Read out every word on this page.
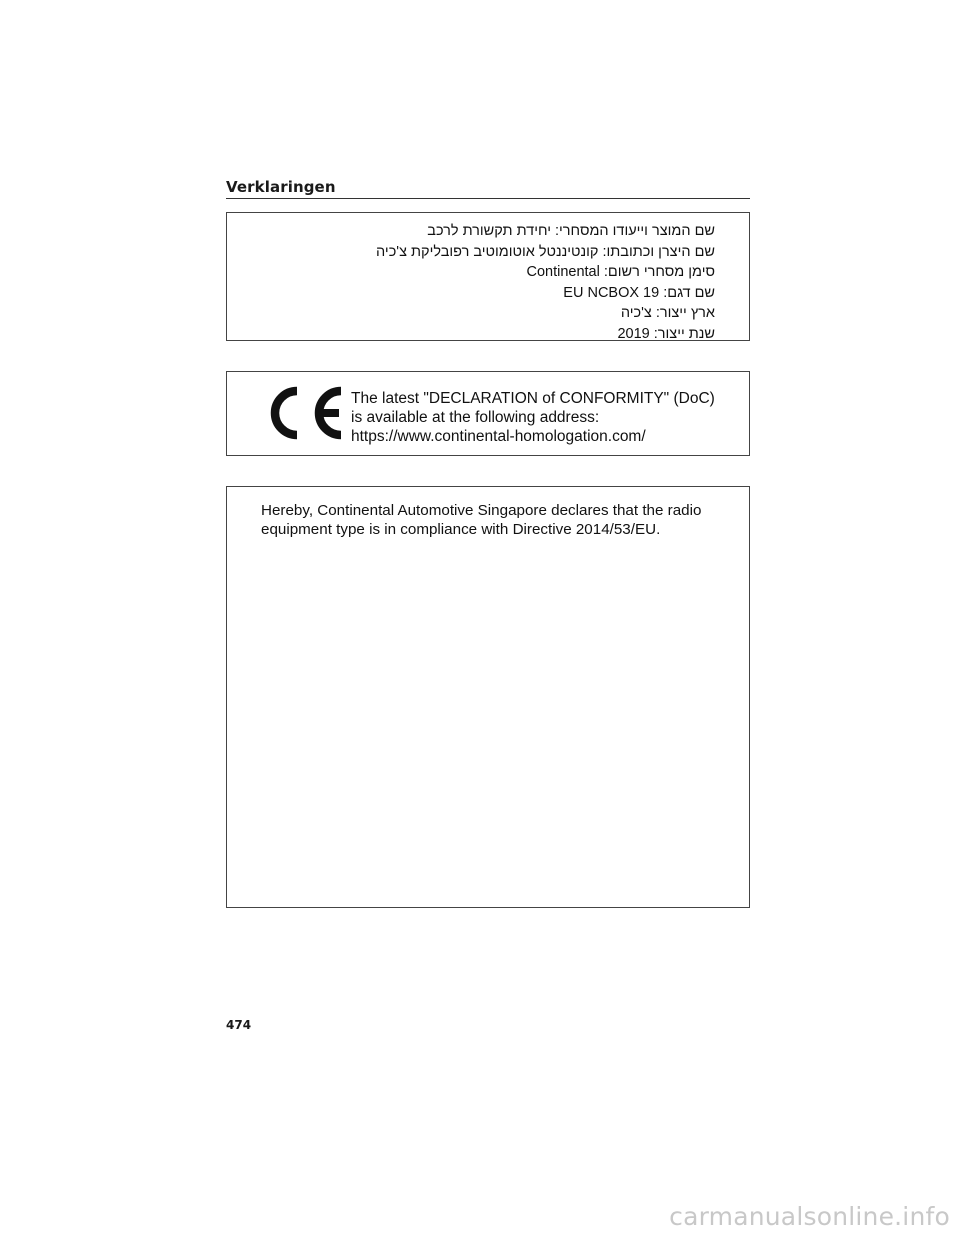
Verklaringen
שם המוצר וייעודו המסחרי: יחידת תקשורת לרכב
שם היצרן וכתובתו: קונטיננטל אוטומוטיב רפובליקת צ'כיה
סימן מסחרי רשום: Continental
שם דגם: EU NCBOX 19
ארץ ייצור: צ'כיה
שנת ייצור: 2019
The latest "DECLARATION of CONFORMITY" (DoC)
is available at the following address:
https://www.continental-homologation.com/
Hereby, Continental Automotive Singapore declares that the radio equipment type is in compliance with Directive 2014/53/EU.
474
carmanualsonline.info
